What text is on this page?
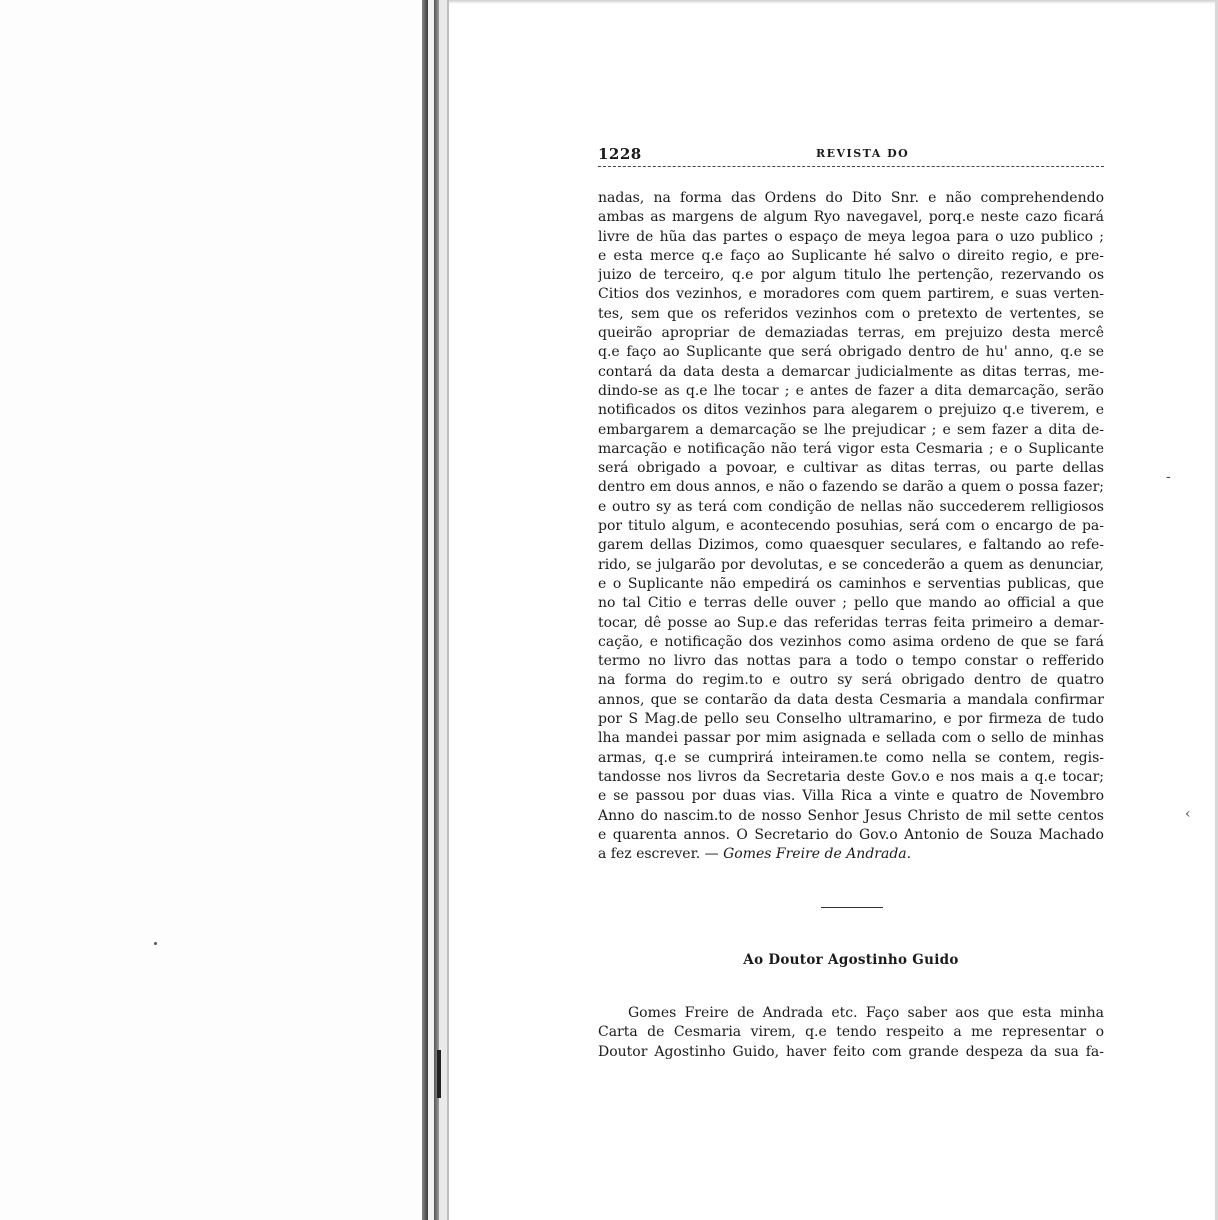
1228	REVISTA DO
nadas, na forma das Ordens do Dito Snr. e não comprehendendo
ambas as margens de algum Ryo navegavel, porq.e neste cazo ficará
livre de hũa das partes o espaço de meya legoa para o uzo publico ;
e esta merce q.e faço ao Suplicante hé salvo o direito regio, e pre-
juizo de terceiro, q.e por algum titulo lhe pertenção, rezervando os
Citios dos vezinhos, e moradores com quem partirem, e suas verten-
tes, sem que os referidos vezinhos com o pretexto de vertentes, se
queirão apropriar de demaziadas terras, em prejuizo desta mercê
q.e faço ao Suplicante que será obrigado dentro de hu' anno, q.e se
contará da data desta a demarcar judicialmente as ditas terras, me-
dindo-se as q.e lhe tocar ; e antes de fazer a dita demarcação, serão
notificados os ditos vezinhos para alegarem o prejuizo q.e tiverem, e
embargarem a demarcação se lhe prejudicar ; e sem fazer a dita de-
marcação e notificação não terá vigor esta Cesmaria ; e o Suplicante
será obrigado a povoar, e cultivar as ditas terras, ou parte dellas
dentro em dous annos, e não o fazendo se darão a quem o possa fazer;
e outro sy as terá com condição de nellas não succederem relligiosos
por titulo algum, e acontecendo posuhias, será com o encargo de pa-
garem dellas Dizimos, como quaesquer seculares, e faltando ao refe-
rido, se julgarão por devolutas, e se concederão a quem as denunciar,
e o Suplicante não empedirá os caminhos e serventias publicas, que
no tal Citio e terras delle ouver ; pello que mando ao official a que
tocar, dê posse ao Sup.e das referidas terras feita primeiro a demar-
cação, e notificação dos vezinhos como asima ordeno de que se fará
termo no livro das nottas para a todo o tempo constar o refferido
na forma do regim.to e outro sy será obrigado dentro de quatro
annos, que se contarão da data desta Cesmaria a mandala confirmar
por S Mag.de pello seu Conselho ultramarino, e por firmeza de tudo
lha mandei passar por mim asignada e sellada com o sello de minhas
armas, q.e se cumprirá inteiramen.te como nella se contem, regis-
tandosse nos livros da Secretaria deste Gov.o e nos mais a q.e tocar;
e se passou por duas vias. Villa Rica a vinte e quatro de Novembro
Anno do nascim.to de nosso Senhor Jesus Christo de mil sette centos
e quarenta annos. O Secretario do Gov.o Antonio de Souza Machado
a fez escrever. — Gomes Freire de Andrada.
Ao Doutor Agostinho Guido
Gomes Freire de Andrada etc. Faço saber aos que esta minha
Carta de Cesmaria virem, q.e tendo respeito a me representar o
Doutor Agostinho Guido, haver feito com grande despeza da sua fa-
-
‹
